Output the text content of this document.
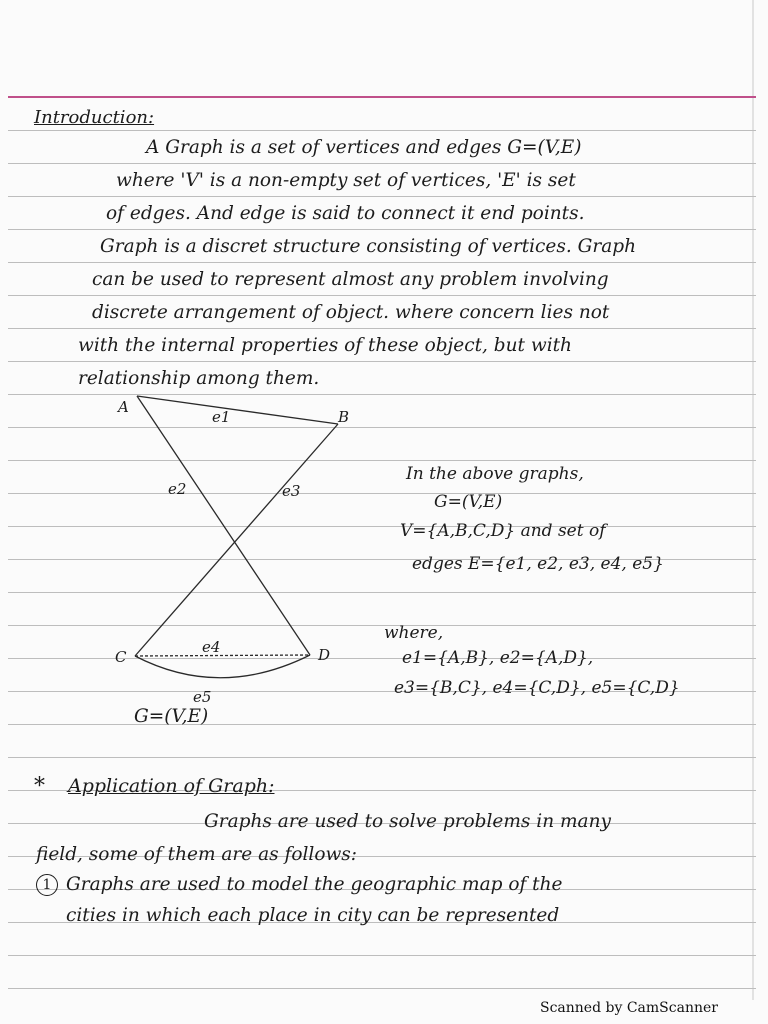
Introduction:
A Graph is a set of vertices and edges G=(V,E)
where 'V' is a non-empty set of vertices, 'E' is set
of edges. And edge is said to connect it end points.
Graph is a discret structure consisting of vertices. Graph
can be used to represent almost any problem involving
discrete arrangement of object. where concern lies not
with the internal properties of these object, but with
relationship among them.
A
B
C	D
e1
e2	e3
e4
e5
G=(V,E)
In the above graphs,
G=(V,E)
V={A,B,C,D} and set of
edges E={e1, e2, e3, e4, e5}
where,
e1={A,B}, e2={A,D},
e3={B,C}, e4={C,D}, e5={C,D}
* Application of Graph:
Graphs are used to solve problems in many
field, some of them are as follows:
1 Graphs are used to model the geographic map of the
cities in which each place in city can be represented
Scanned by CamScanner
